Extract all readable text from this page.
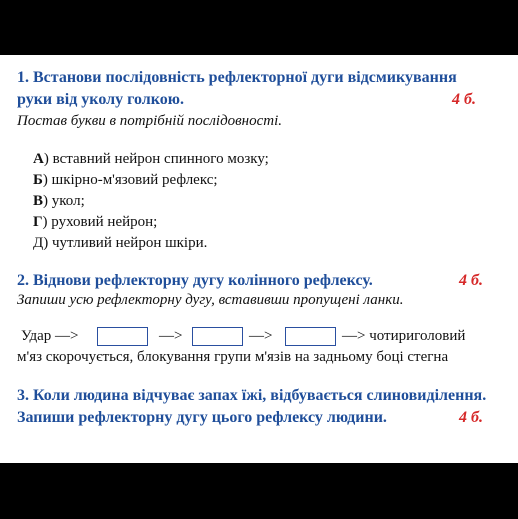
1. Встанови послідовність рефлекторної дуги відсмикування
руки від уколу голкою.	4 б.
Постав букви в потрібній послідовності.
А) вставний нейрон спинного мозку;
Б) шкірно-м'язовий рефлекс;
В) укол;
Г) руховий нейрон;
Д) чутливий нейрон шкіри.
2. Віднови рефлекторну дугу колінного рефлексу.	4 б.
Запиши усю рефлекторну дугу, вставивши пропущені ланки.
Удар —>	—>	—>	—> чотириголовий
м'яз скорочується, блокування групи м'язів на задньому боці стегна
3. Коли людина відчуває запах їжі, відбувається слиновиділення.
Запиши рефлекторну дугу цього рефлексу людини.	4 б.
